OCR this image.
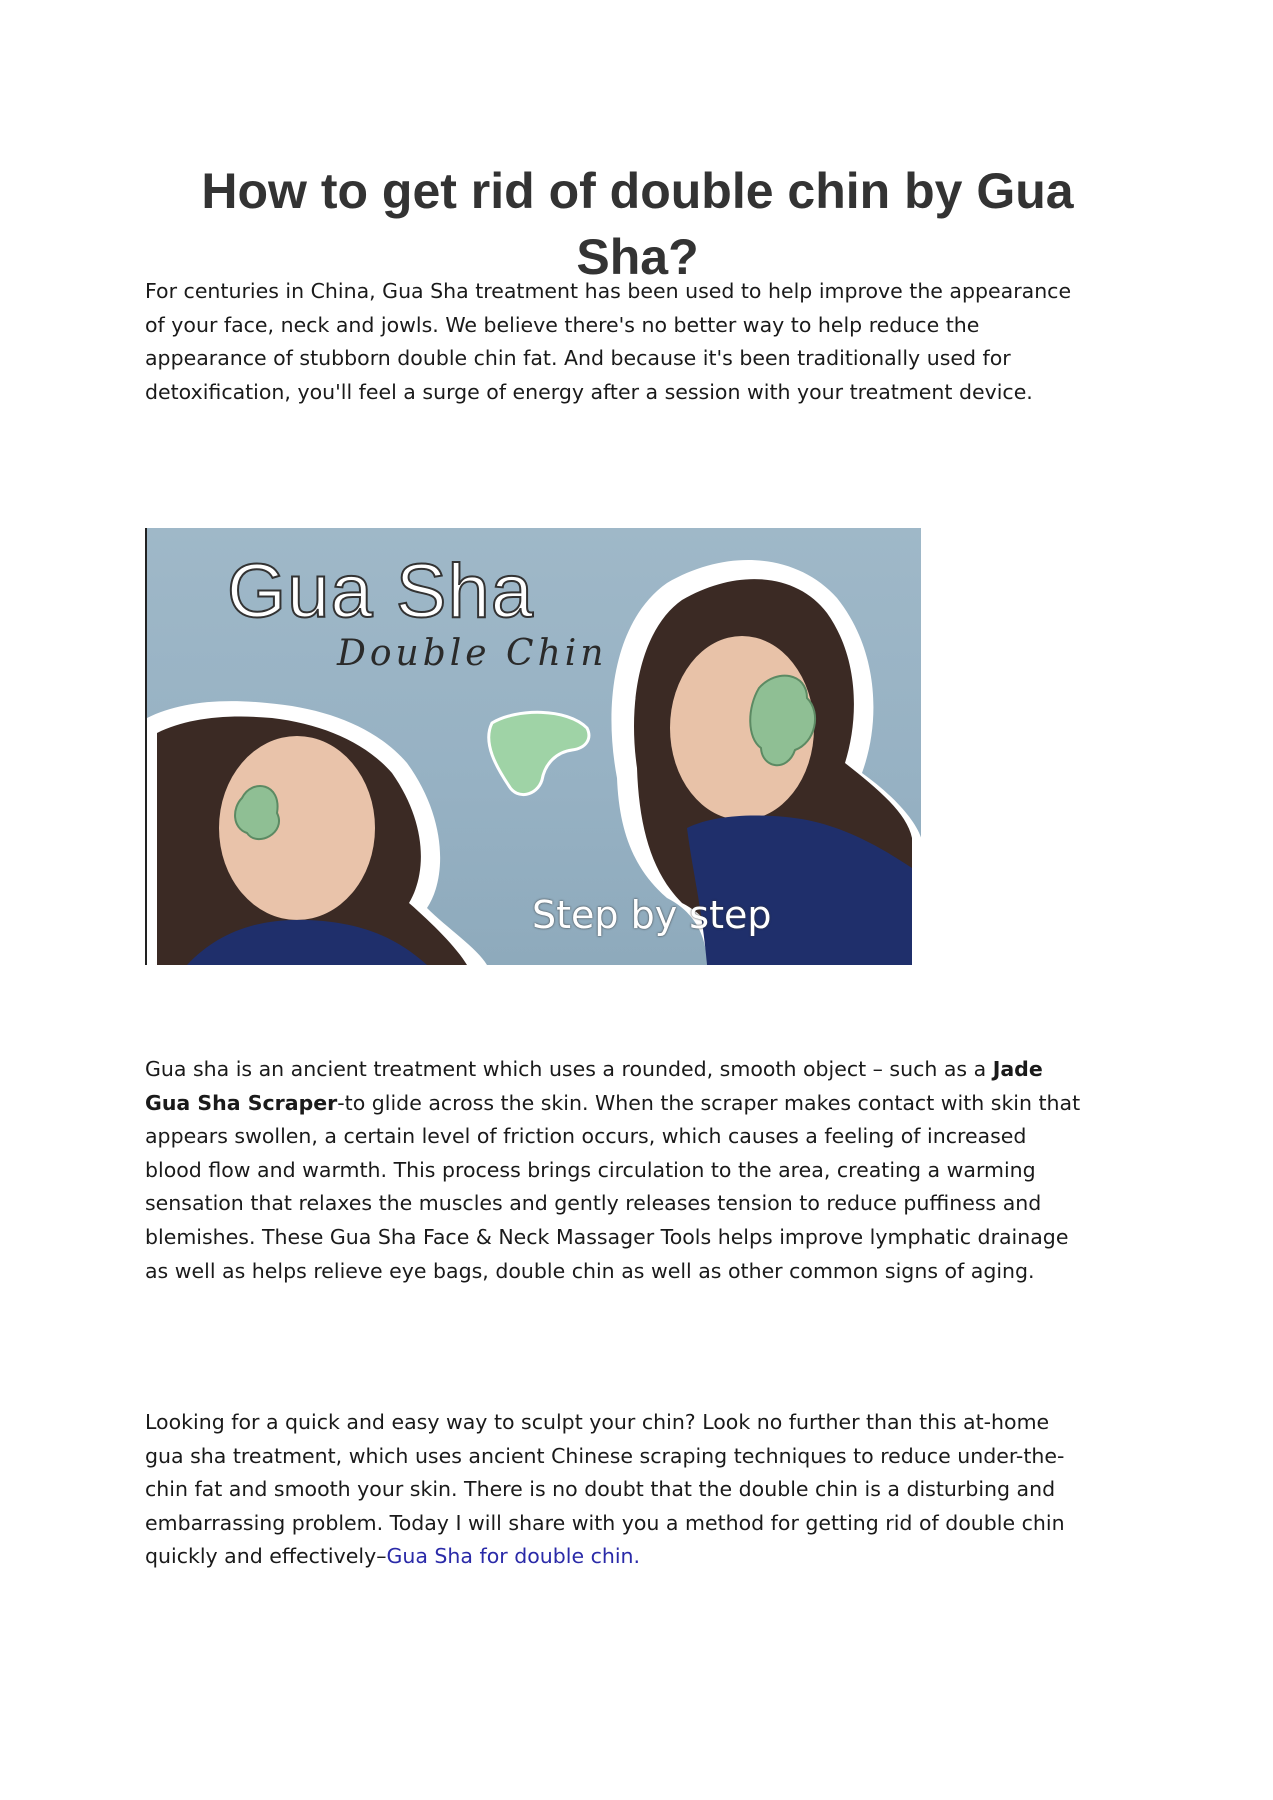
How to get rid of double chin by Gua Sha?

For centuries in China, Gua Sha treatment has been used to help improve the appearance of your face, neck and jowls. We believe there's no better way to help reduce the appearance of stubborn double chin fat. And because it's been traditionally used for detoxification, you'll feel a surge of energy after a session with your treatment device.

Gua Sha
Double Chin
Step by step

Gua sha is an ancient treatment which uses a rounded, smooth object – such as a Jade Gua Sha Scraper-to glide across the skin. When the scraper makes contact with skin that appears swollen, a certain level of friction occurs, which causes a feeling of increased blood flow and warmth. This process brings circulation to the area, creating a warming sensation that relaxes the muscles and gently releases tension to reduce puffiness and blemishes. These Gua Sha Face & Neck Massager Tools helps improve lymphatic drainage as well as helps relieve eye bags, double chin as well as other common signs of aging.

Looking for a quick and easy way to sculpt your chin? Look no further than this at-home gua sha treatment, which uses ancient Chinese scraping techniques to reduce under-the-chin fat and smooth your skin. There is no doubt that the double chin is a disturbing and embarrassing problem. Today I will share with you a method for getting rid of double chin quickly and effectively–Gua Sha for double chin.
